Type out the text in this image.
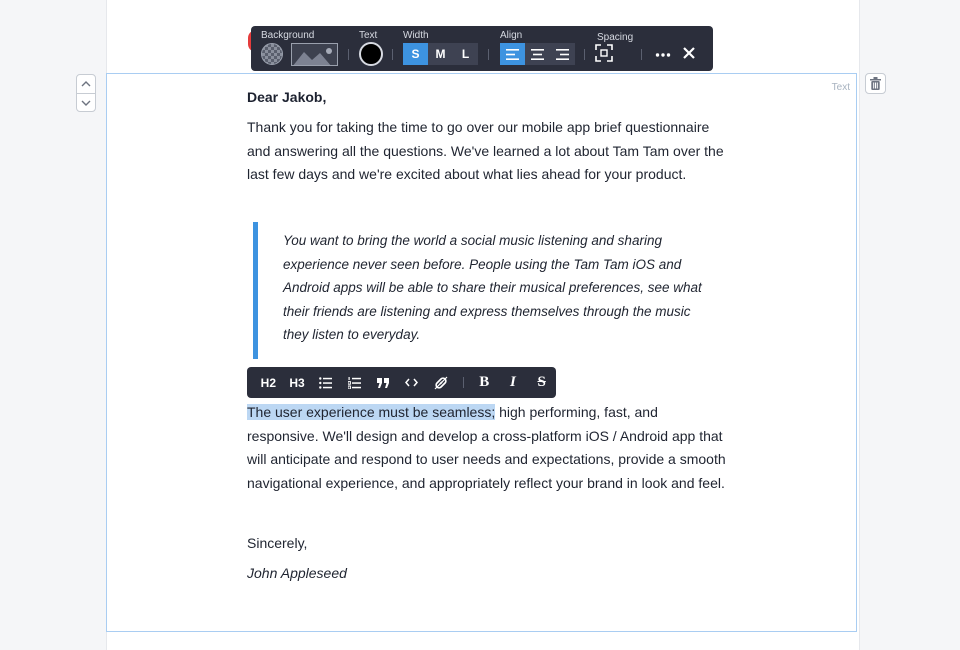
Text
Background	Text	Width
S	M	L
Align	Spacing
Dear Jakob,

Thank you for taking the time to go over our mobile app brief questionnaire and answering all the questions. We've learned a lot about Tam Tam over the last few days and we're excited about what lies ahead for your product.

You want to bring the world a social music listening and sharing experience never seen before. People using the Tam Tam iOS and Android apps will be able to share their musical preferences, see what their friends are listening and express themselves through the music they listen to everyday.

H2	H3	B	I	S

The user experience must be seamless; high performing, fast, and responsive. We'll design and develop a cross-platform iOS / Android app that will anticipate and respond to user needs and expectations, provide a smooth navigational experience, and appropriately reflect your brand in look and feel.

Sincerely,
John Appleseed
